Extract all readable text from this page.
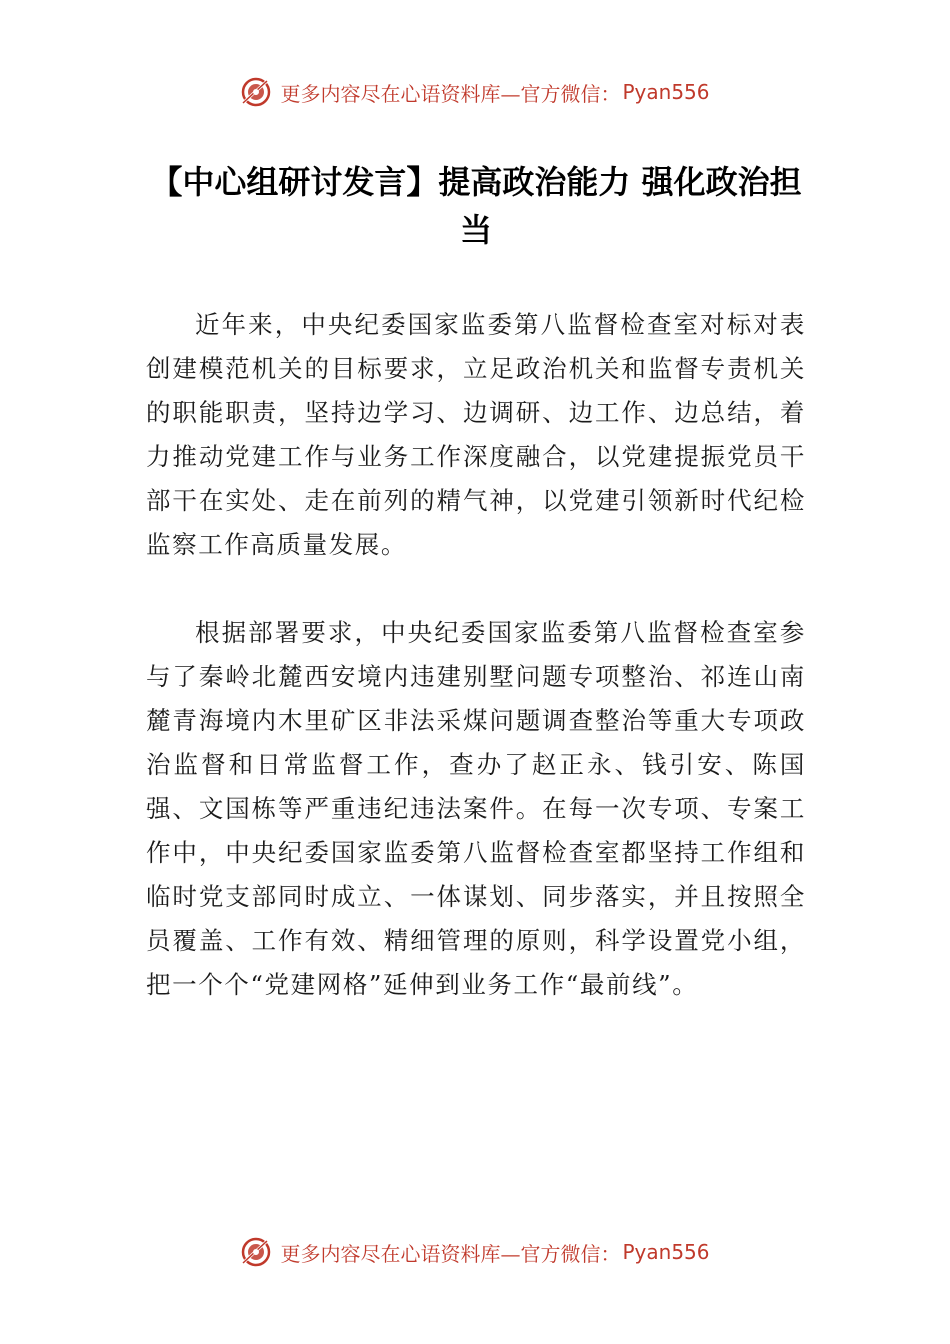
更多内容尽在心语资料库—官方微信： Pyan556
【中心组研讨发言】提高政治能力 强化政治担当

近年来，中央纪委国家监委第八监督检查室对标对表创建模范机关的目标要求，立足政治机关和监督专责机关的职能职责，坚持边学习、边调研、边工作、边总结，着力推动党建工作与业务工作深度融合，以党建提振党员干部干在实处、走在前列的精气神，以党建引领新时代纪检监察工作高质量发展。

根据部署要求，中央纪委国家监委第八监督检查室参与了秦岭北麓西安境内违建别墅问题专项整治、祁连山南麓青海境内木里矿区非法采煤问题调查整治等重大专项政治监督和日常监督工作，查办了赵正永、钱引安、陈国强、文国栋等严重违纪违法案件。在每一次专项、专案工作中，中央纪委国家监委第八监督检查室都坚持工作组和临时党支部同时成立、一体谋划、同步落实，并且按照全员覆盖、工作有效、精细管理的原则，科学设置党小组，把一个个“党建网格”延伸到业务工作“最前线”。

更多内容尽在心语资料库—官方微信： Pyan556
